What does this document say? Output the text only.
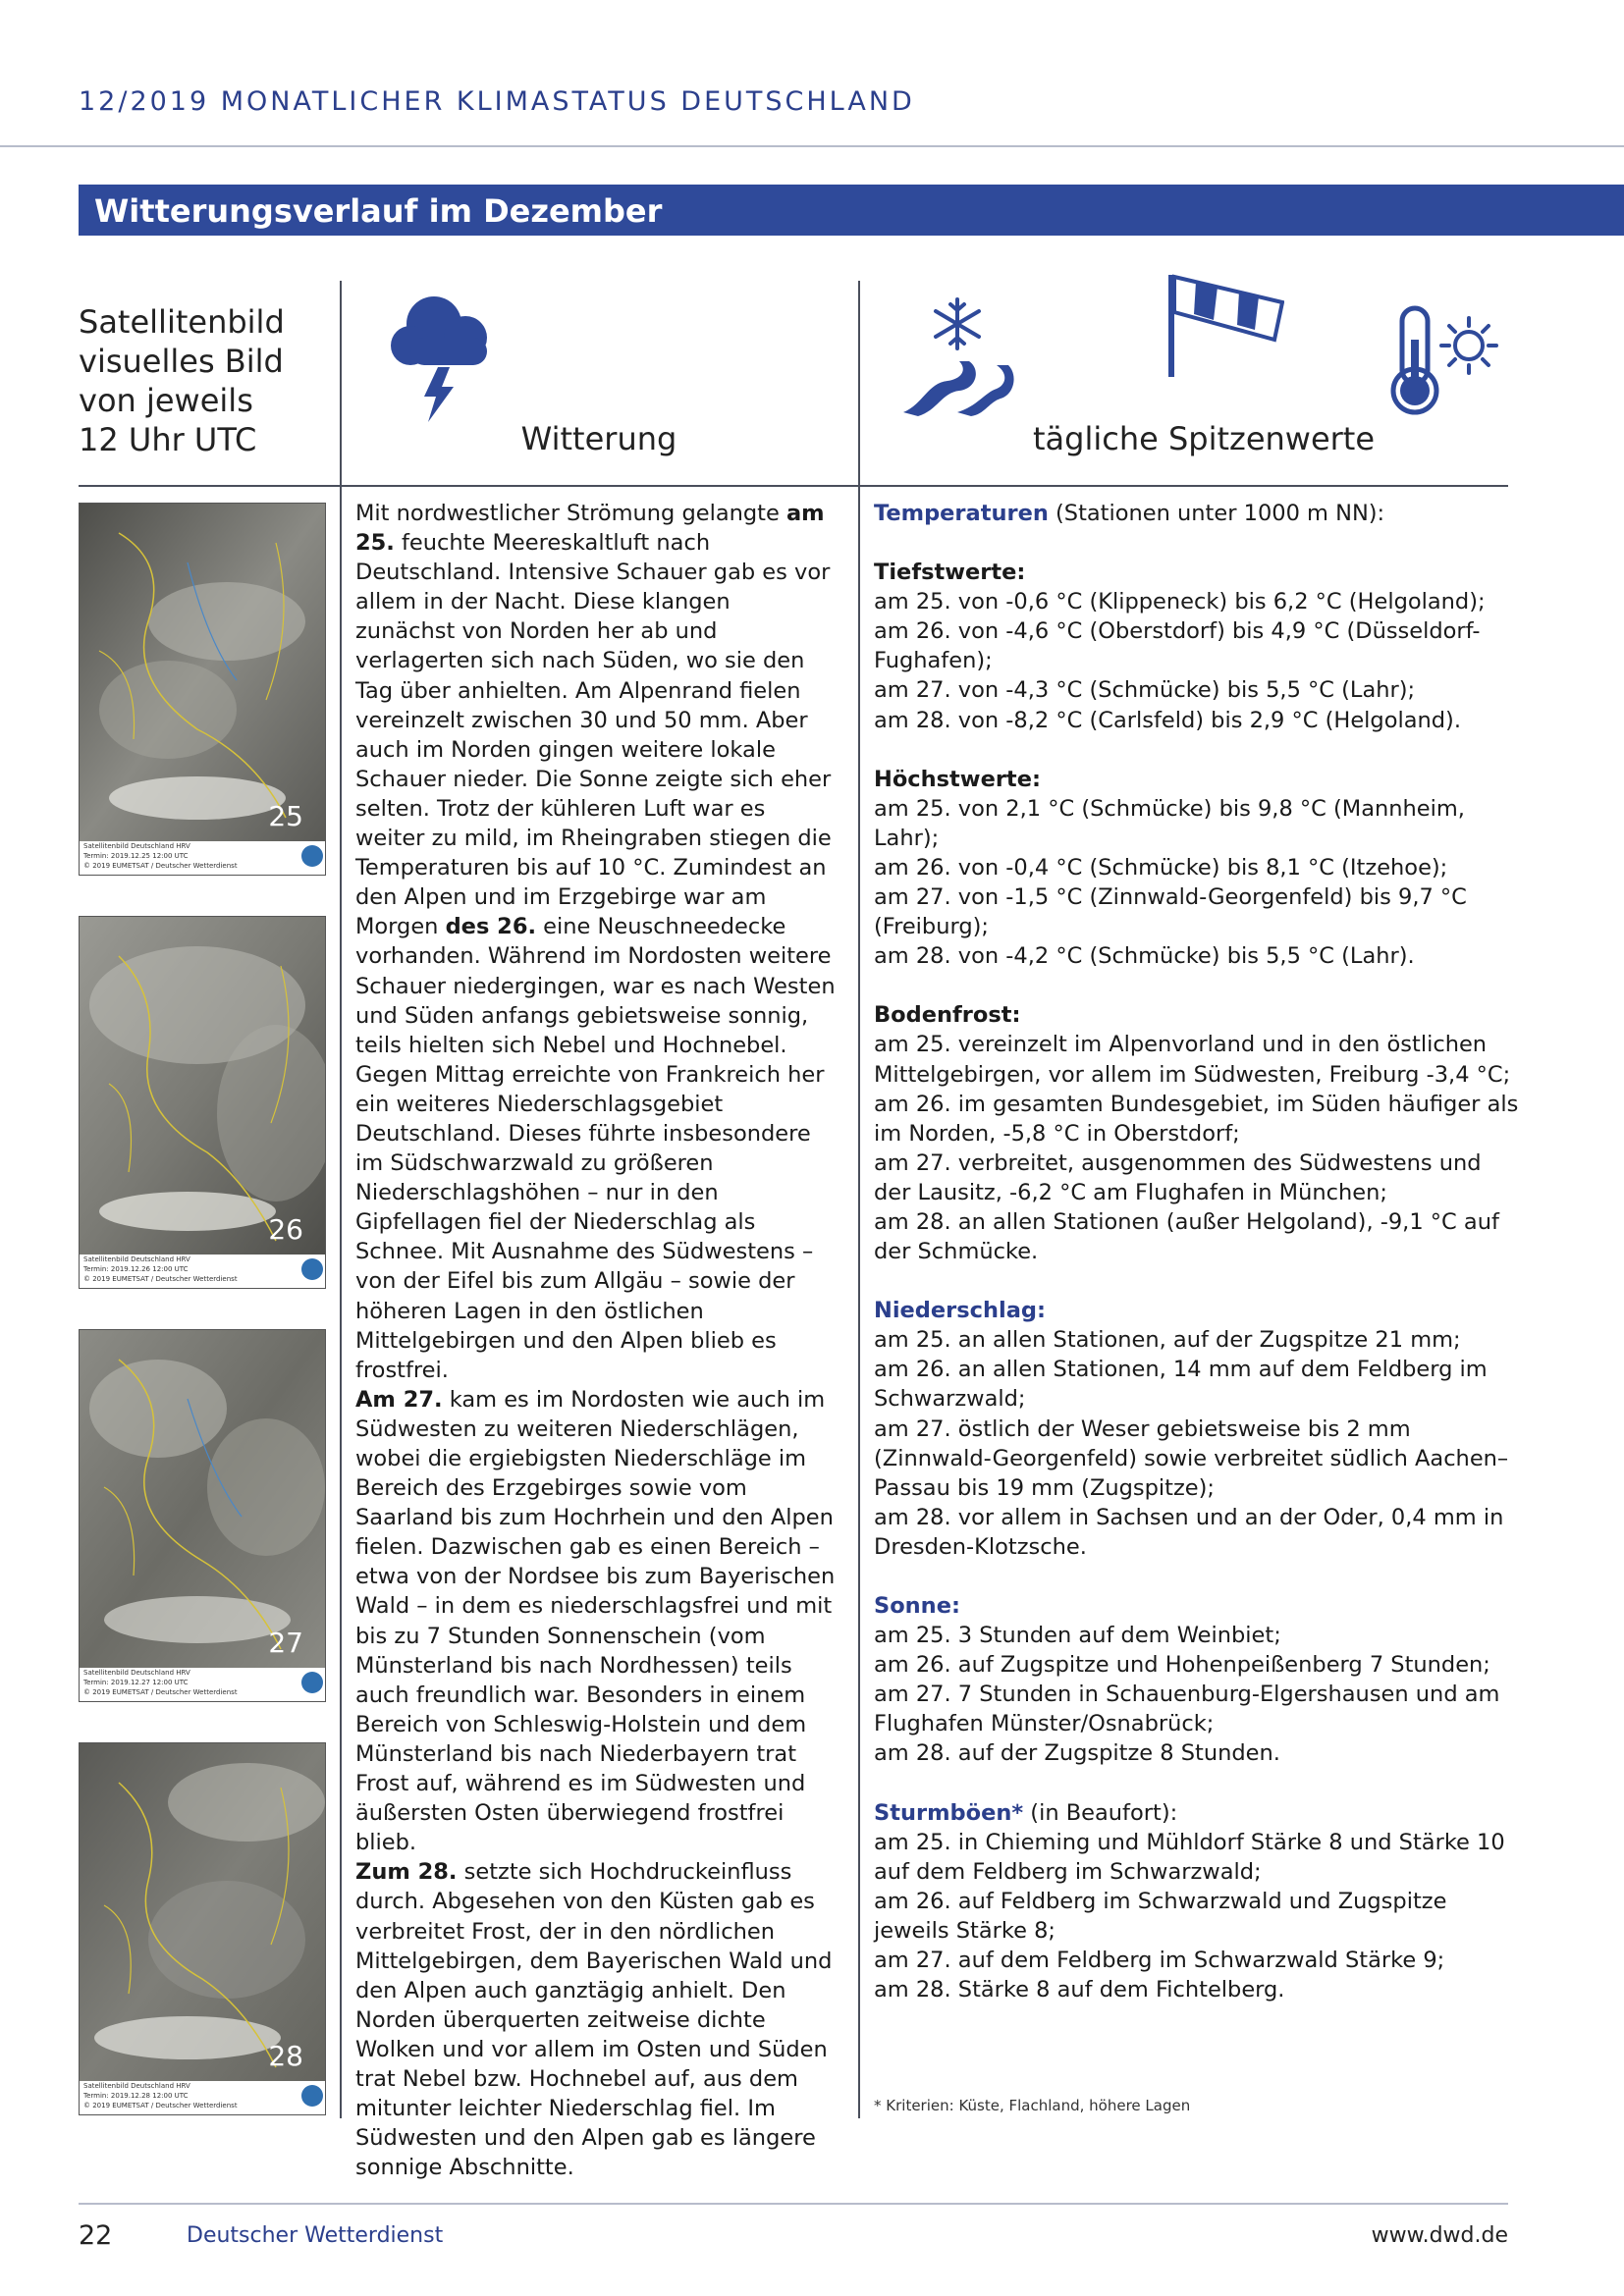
12/2019 MONATLICHER KLIMASTATUS DEUTSCHLAND
Witterungsverlauf im Dezember
Satellitenbild
visuelles Bild
von jeweils
12 Uhr UTC	Witterung	tägliche Spitzenwerte
25
Satellitenbild Deutschland HRV
Termin: 2019.12.25 12:00 UTC
© 2019 EUMETSAT / Deutscher Wetterdienst
26
Satellitenbild Deutschland HRV
Termin: 2019.12.26 12:00 UTC
© 2019 EUMETSAT / Deutscher Wetterdienst
27
Satellitenbild Deutschland HRV
Termin: 2019.12.27 12:00 UTC
© 2019 EUMETSAT / Deutscher Wetterdienst
28
Satellitenbild Deutschland HRV
Termin: 2019.12.28 12:00 UTC
© 2019 EUMETSAT / Deutscher Wetterdienst

Mit nordwestlicher Strömung gelangte am 25. feuchte Meereskaltluft nach Deutschland. Intensive Schauer gab es vor allem in der Nacht. Diese klangen zunächst von Norden her ab und verlagerten sich nach Süden, wo sie den Tag über anhielten. Am Alpenrand fielen vereinzelt zwischen 30 und 50 mm. Aber auch im Norden gingen weitere lokale Schauer nieder. Die Sonne zeigte sich eher selten. Trotz der kühleren Luft war es weiter zu mild, im Rheingraben stiegen die Temperaturen bis auf 10 °C. Zumindest an den Alpen und im Erzgebirge war am Morgen des 26. eine Neuschneedecke vorhanden. Während im Nordosten weitere Schauer niedergingen, war es nach Westen und Süden anfangs gebietsweise sonnig, teils hielten sich Nebel und Hochnebel. Gegen Mittag erreichte von Frankreich her ein weiteres Niederschlagsgebiet Deutschland. Dieses führte insbesondere im Südschwarzwald zu größeren Niederschlagshöhen – nur in den Gipfellagen fiel der Niederschlag als Schnee. Mit Ausnahme des Südwestens – von der Eifel bis zum Allgäu – sowie der höheren Lagen in den östlichen Mittelgebirgen und den Alpen blieb es frostfrei.

Am 27. kam es im Nordosten wie auch im Südwesten zu weiteren Niederschlägen, wobei die ergiebigsten Niederschläge im Bereich des Erzgebirges sowie vom Saarland bis zum Hochrhein und den Alpen fielen. Dazwischen gab es einen Bereich – etwa von der Nordsee bis zum Bayerischen Wald – in dem es niederschlagsfrei und mit bis zu 7 Stunden Sonnenschein (vom Münsterland bis nach Nordhessen) teils auch freundlich war. Besonders in einem Bereich von Schleswig-Holstein und dem Münsterland bis nach Niederbayern trat Frost auf, während es im Südwesten und äußersten Osten überwiegend frostfrei blieb.

Zum 28. setzte sich Hochdruckeinfluss durch. Abgesehen von den Küsten gab es verbreitet Frost, der in den nördlichen Mittelgebirgen, dem Bayerischen Wald und den Alpen auch ganztägig anhielt. Den Norden überquerten zeitweise dichte Wolken und vor allem im Osten und Süden trat Nebel bzw. Hochnebel auf, aus dem mitunter leichter Niederschlag fiel. Im Südwesten und den Alpen gab es längere sonnige Abschnitte.

Temperaturen (Stationen unter 1000 m NN):

Tiefstwerte:

am 25. von -0,6 °C (Klippeneck) bis 6,2 °C (Helgoland);

am 26. von -4,6 °C (Oberstdorf) bis 4,9 °C (Düsseldorf-Fughafen);

am 27. von -4,3 °C (Schmücke) bis 5,5 °C (Lahr);

am 28. von -8,2 °C (Carlsfeld) bis 2,9 °C (Helgoland).

Höchstwerte:

am 25. von 2,1 °C (Schmücke) bis 9,8 °C (Mannheim, Lahr);

am 26. von -0,4 °C (Schmücke) bis 8,1 °C (Itzehoe);

am 27. von -1,5 °C (Zinnwald-Georgenfeld) bis 9,7 °C (Freiburg);

am 28. von -4,2 °C (Schmücke) bis 5,5 °C (Lahr).

Bodenfrost:

am 25. vereinzelt im Alpenvorland und in den östlichen Mittelgebirgen, vor allem im Südwesten, Freiburg -3,4 °C;

am 26. im gesamten Bundesgebiet, im Süden häufiger als im Norden, -5,8 °C in Oberstdorf;

am 27. verbreitet, ausgenommen des Südwestens und der Lausitz, -6,2 °C am Flughafen in München;

am 28. an allen Stationen (außer Helgoland), -9,1 °C auf der Schmücke.

Niederschlag:

am 25. an allen Stationen, auf der Zugspitze 21 mm;

am 26. an allen Stationen, 14 mm auf dem Feldberg im Schwarzwald;

am 27. östlich der Weser gebietsweise bis 2 mm (Zinnwald-Georgenfeld) sowie verbreitet südlich Aachen–Passau bis 19 mm (Zugspitze);

am 28. vor allem in Sachsen und an der Oder, 0,4 mm in Dresden-Klotzsche.

Sonne:

am 25. 3 Stunden auf dem Weinbiet;

am 26. auf Zugspitze und Hohenpeißenberg 7 Stunden;

am 27. 7 Stunden in Schauenburg-Elgershausen und am Flughafen Münster/Osnabrück;

am 28. auf der Zugspitze 8 Stunden.

Sturmböen* (in Beaufort):

am 25. in Chieming und Mühldorf Stärke 8 und Stärke 10 auf dem Feldberg im Schwarzwald;

am 26. auf Feldberg im Schwarzwald und Zugspitze jeweils Stärke 8;

am 27. auf dem Feldberg im Schwarzwald Stärke 9;

am 28. Stärke 8 auf dem Fichtelberg.

* Kriterien: Küste, Flachland, höhere Lagen
22	Deutscher Wetterdienst	www.dwd.de
